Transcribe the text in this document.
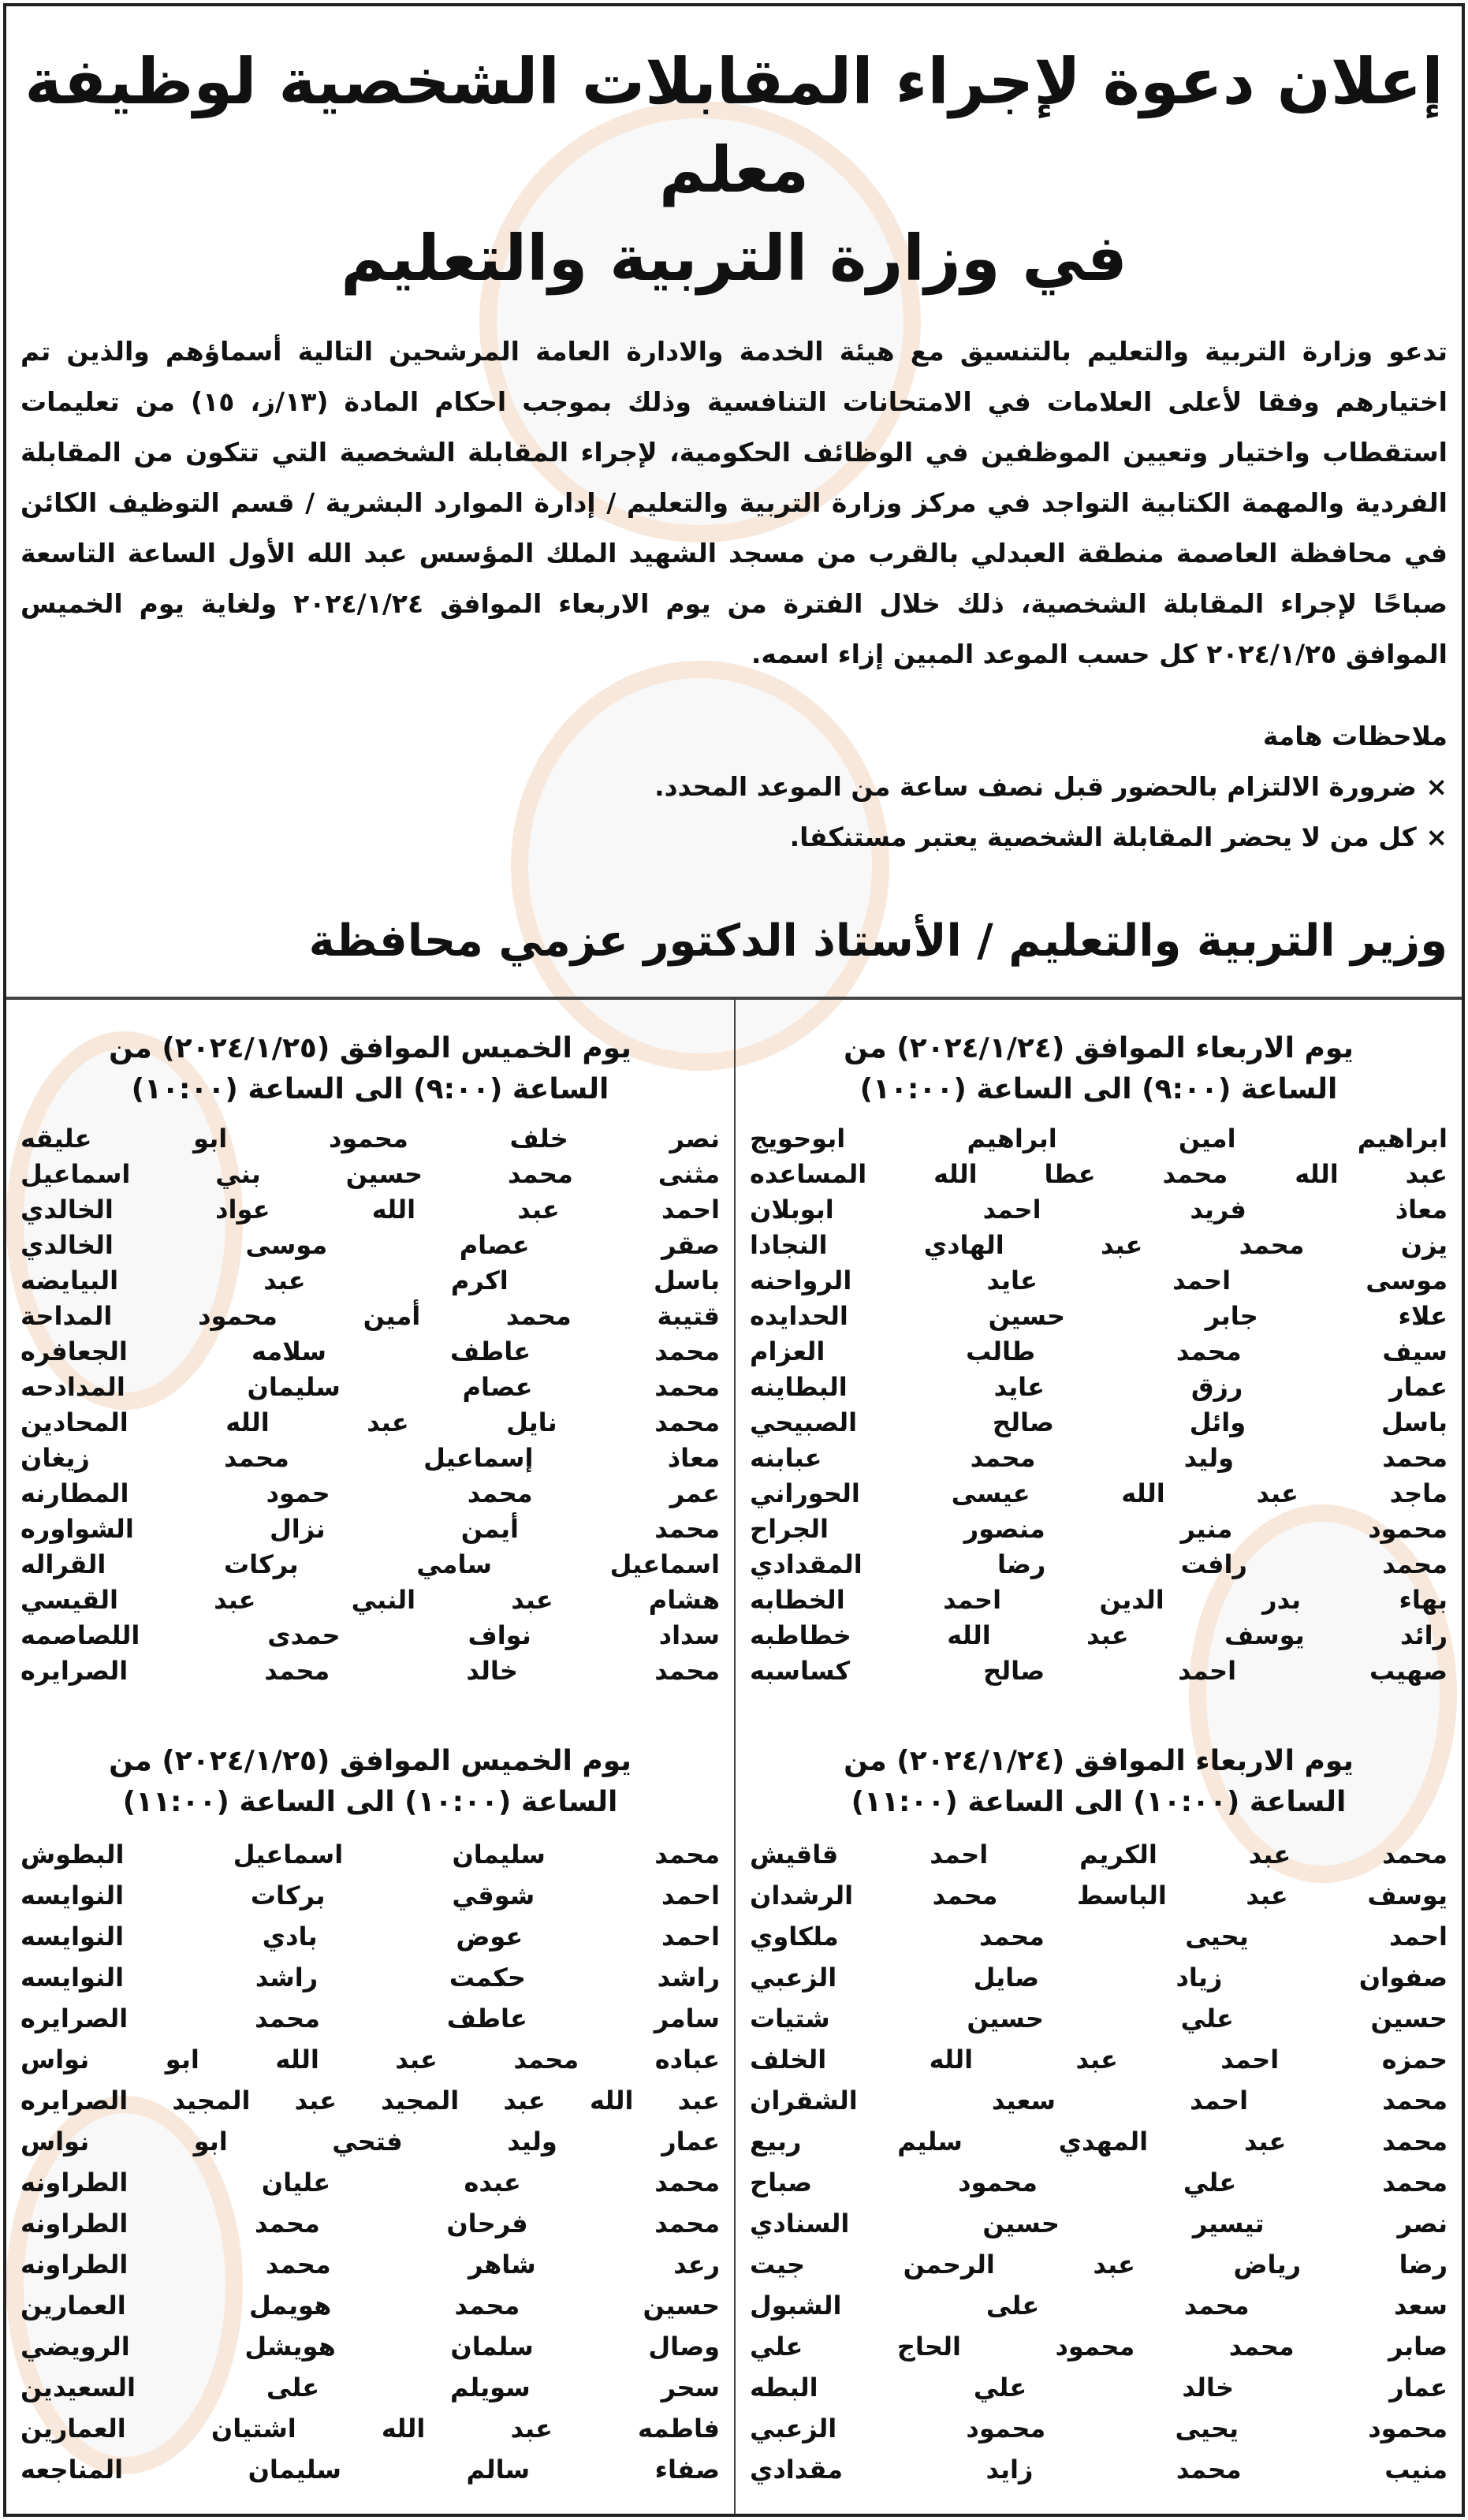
إعلان دعوة لإجراء المقابلات الشخصية لوظيفة معلم
في وزارة التربية والتعليم
تدعو وزارة التربية والتعليم بالتنسيق مع هيئة الخدمة والادارة العامة المرشحين التالية أسماؤهم والذين تم اختيارهم وفقا لأعلى العلامات في الامتحانات التنافسية وذلك بموجب احكام المادة (١٣/ز، ١٥) من تعليمات استقطاب واختيار وتعيين الموظفين في الوظائف الحكومية، لإجراء المقابلة الشخصية التي تتكون من المقابلة الفردية والمهمة الكتابية التواجد في مركز وزارة التربية والتعليم / إدارة الموارد البشرية / قسم التوظيف الكائن في محافظة العاصمة منطقة العبدلي بالقرب من مسجد الشهيد الملك المؤسس عبد الله الأول الساعة التاسعة صباحًا لإجراء المقابلة الشخصية، ذلك خلال الفترة من يوم الاربعاء الموافق ٢٠٢٤/١/٢٤ ولغاية يوم الخميس الموافق ٢٠٢٤/١/٢٥ كل حسب الموعد المبين إزاء اسمه.
ملاحظات هامة
× ضرورة الالتزام بالحضور قبل نصف ساعة من الموعد المحدد.
× كل من لا يحضر المقابلة الشخصية يعتبر مستنكفا.
وزير التربية والتعليم / الأستاذ الدكتور عزمي محافظة
يوم الاربعاء الموافق (٢٠٢٤/١/٢٤) من
الساعة (٩:٠٠) الى الساعة (١٠:٠٠)
ابراهيم امين ابراهيم ابوحويج
عبد الله محمد عطا الله المساعده
معاذ فريد احمد ابوبلان
يزن محمد عبد الهادي النجادا
موسى احمد عايد الرواحنه
علاء جابر حسين الحدايده
سيف محمد طالب العزام
عمار رزق عايد البطاينه
باسل وائل صالح الصبيحي
محمد وليد محمد عبابنه
ماجد عبد الله عيسى الحوراني
محمود منير منصور الجراح
محمد رافت رضا المقدادي
بهاء بدر الدين احمد الخطابه
رائد يوسف عبد الله خطاطبه
صهيب احمد صالح كساسبه
يوم الخميس الموافق (٢٠٢٤/١/٢٥) من
الساعة (٩:٠٠) الى الساعة (١٠:٠٠)
نصر خلف محمود ابو عليقه
مثنى محمد حسين بني اسماعيل
احمد عبد الله عواد الخالدي
صقر عصام موسى الخالدي
باسل اكرم عبد البيايضه
قتيبة محمد أمين محمود المداحة
محمد عاطف سلامه الجعافره
محمد عصام سليمان المدادحه
محمد نايل عبد الله المحادين
معاذ إسماعيل محمد زيغان
عمر محمد حمود المطارنه
محمد أيمن نزال الشواوره
اسماعيل سامي بركات القراله
هشام عبد النبي عبد القيسي
سداد نواف حمدى اللصاصمه
محمد خالد محمد الصرايره
يوم الاربعاء الموافق (٢٠٢٤/١/٢٤) من
الساعة (١٠:٠٠) الى الساعة (١١:٠٠)
محمد عبد الكريم احمد قاقيش
يوسف عبد الباسط محمد الرشدان
احمد يحيى محمد ملكاوي
صفوان زياد صايل الزعبي
حسين علي حسين شتيات
حمزه احمد عبد الله الخلف
محمد احمد سعيد الشقران
محمد عبد المهدي سليم ربيع
محمد علي محمود صباح
نصر تيسير حسين السنادي
رضا رياض عبد الرحمن جيت
سعد محمد على الشبول
صابر محمد محمود الحاج علي
عمار خالد علي البطه
محمود يحيى محمود الزعبي
منيب محمد زايد مقدادي
يوم الخميس الموافق (٢٠٢٤/١/٢٥) من
الساعة (١٠:٠٠) الى الساعة (١١:٠٠)
محمد سليمان اسماعيل البطوش
احمد شوقي بركات النوايسه
احمد عوض بادي النوايسه
راشد حكمت راشد النوايسه
سامر عاطف محمد الصرايره
عباده محمد عبد الله ابو نواس
عبد الله عبد المجيد عبد المجيد الصرايره
عمار وليد فتحي ابو نواس
محمد عبده عليان الطراونه
محمد فرحان محمد الطراونه
رعد شاهر محمد الطراونه
حسين محمد هويمل العمارين
وصال سلمان هويشل الرويضي
سحر سويلم على السعيدين
فاطمه عبد الله اشتيان العمارين
صفاء سالم سليمان المناجعه
